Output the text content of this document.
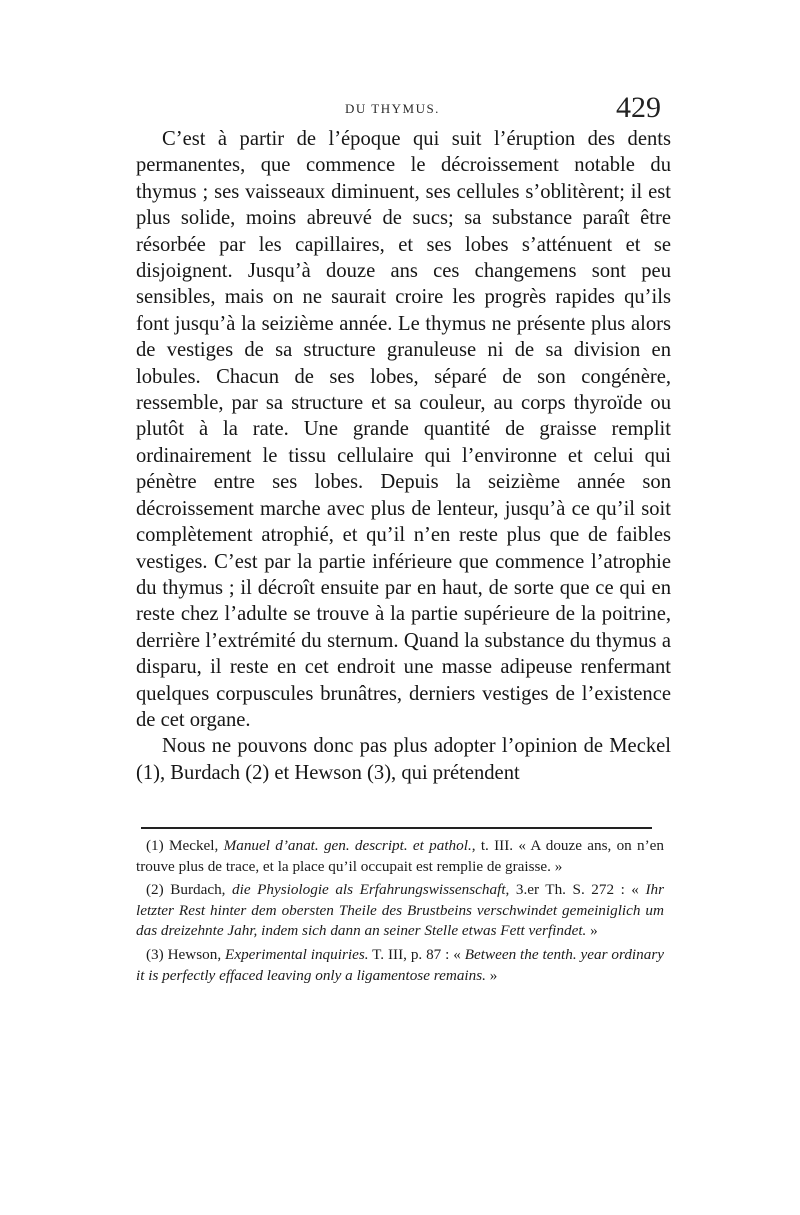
DU THYMUS.	429

C’est à partir de l’époque qui suit l’éruption des dents permanentes, que commence le décroissement notable du thymus ; ses vaisseaux diminuent, ses cellules s’oblitèrent; il est plus solide, moins abreuvé de sucs; sa substance paraît être résorbée par les capillaires, et ses lobes s’atténuent et se disjoignent. Jusqu’à douze ans ces changemens sont peu sensibles, mais on ne saurait croire les progrès rapides qu’ils font jusqu’à la seizième année. Le thymus ne présente plus alors de vestiges de sa structure granuleuse ni de sa division en lobules. Chacun de ses lobes, séparé de son congénère, ressemble, par sa structure et sa couleur, au corps thyroïde ou plutôt à la rate. Une grande quantité de graisse remplit ordinairement le tissu cellulaire qui l’environne et celui qui pénètre entre ses lobes. Depuis la seizième année son décroissement marche avec plus de lenteur, jusqu’à ce qu’il soit complètement atrophié, et qu’il n’en reste plus que de faibles vestiges. C’est par la partie inférieure que commence l’atrophie du thymus ; il décroît ensuite par en haut, de sorte que ce qui en reste chez l’adulte se trouve à la partie supérieure de la poitrine, derrière l’extrémité du sternum. Quand la substance du thymus a disparu, il reste en cet endroit une masse adipeuse renfermant quelques corpuscules brunâtres, derniers vestiges de l’existence de cet organe.

Nous ne pouvons donc pas plus adopter l’opinion de Meckel (1), Burdach (2) et Hewson (3), qui prétendent

(1) Meckel, Manuel d’anat. gen. descript. et pathol., t. III. « A douze ans, on n’en trouve plus de trace, et la place qu’il occupait est remplie de graisse. »

(2) Burdach, die Physiologie als Erfahrungswissenschaft, 3.er Th. S. 272 : « Ihr letzter Rest hinter dem obersten Theile des Brustbeins verschwindet gemeiniglich um das dreizehnte Jahr, indem sich dann an seiner Stelle etwas Fett verfindet. »

(3) Hewson, Experimental inquiries. T. III, p. 87 : « Between the tenth. year ordinary it is perfectly effaced leaving only a ligamentose remains. »
